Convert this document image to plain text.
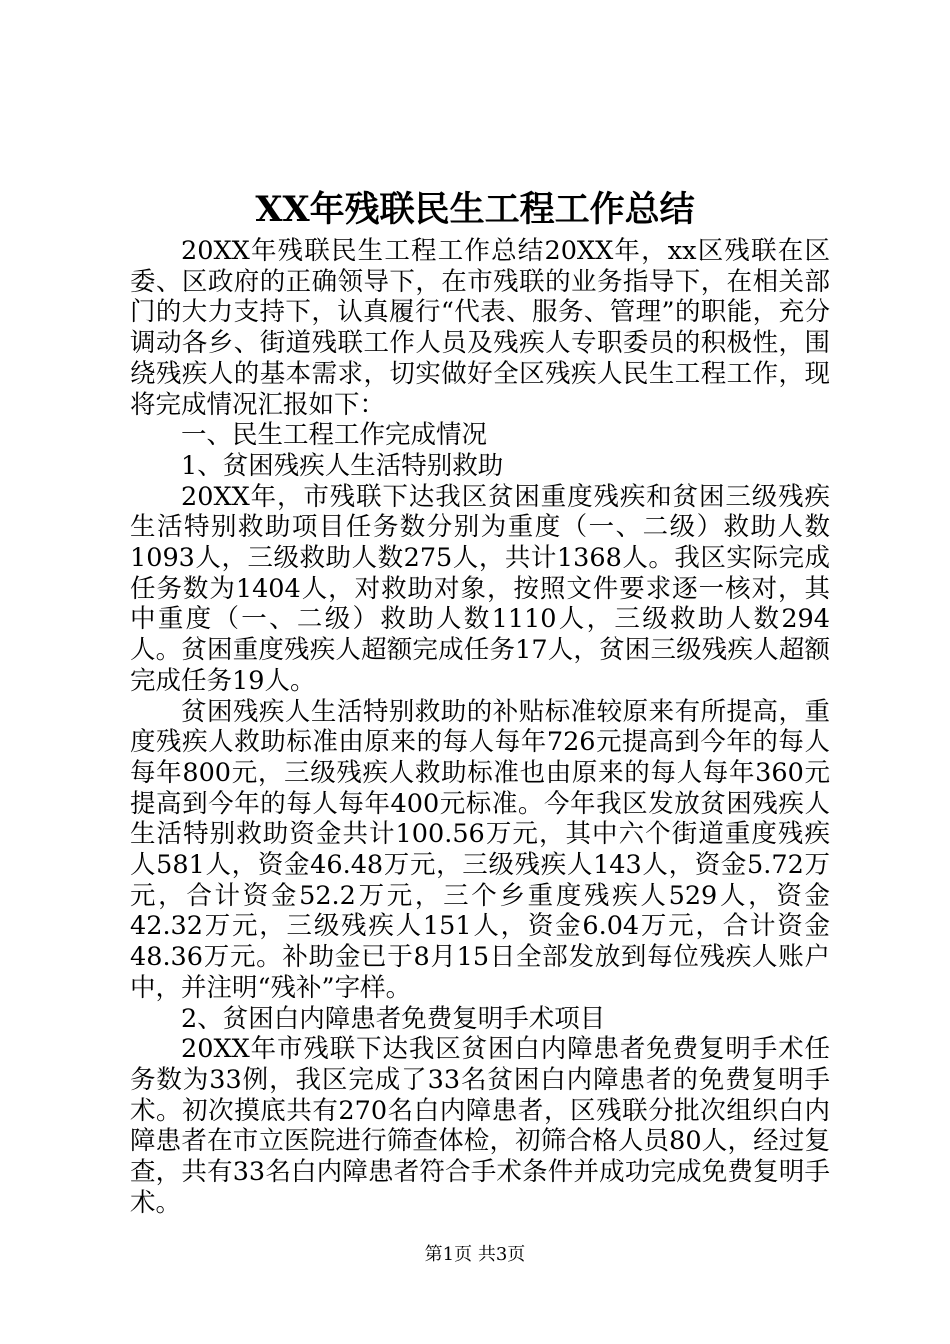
XX年残联民生工程工作总结

20XX年残联民生工程工作总结20XX年，xx区残联在区委、区政府的正确领导下，在市残联的业务指导下，在相关部门的大力支持下，认真履行“代表、服务、管理”的职能，充分调动各乡、街道残联工作人员及残疾人专职委员的积极性，围绕残疾人的基本需求，切实做好全区残疾人民生工程工作，现将完成情况汇报如下：

一、民生工程工作完成情况

1、贫困残疾人生活特别救助

20XX年，市残联下达我区贫困重度残疾和贫困三级残疾生活特别救助项目任务数分别为重度（一、二级）救助人数1093人，三级救助人数275人，共计1368人。我区实际完成任务数为1404人，对救助对象，按照文件要求逐一核对，其中重度（一、二级）救助人数1110人，三级救助人数294人。贫困重度残疾人超额完成任务17人，贫困三级残疾人超额完成任务19人。

贫困残疾人生活特别救助的补贴标准较原来有所提高，重度残疾人救助标准由原来的每人每年726元提高到今年的每人每年800元，三级残疾人救助标准也由原来的每人每年360元提高到今年的每人每年400元标准。今年我区发放贫困残疾人生活特别救助资金共计100.56万元，其中六个街道重度残疾人581人，资金46.48万元，三级残疾人143人，资金5.72万元，合计资金52.2万元，三个乡重度残疾人529人，资金42.32万元，三级残疾人151人，资金6.04万元，合计资金48.36万元。补助金已于8月15日全部发放到每位残疾人账户中，并注明“残补”字样。

2、贫困白内障患者免费复明手术项目

20XX年市残联下达我区贫困白内障患者免费复明手术任务数为33例，我区完成了33名贫困白内障患者的免费复明手术。初次摸底共有270名白内障患者，区残联分批次组织白内障患者在市立医院进行筛查体检，初筛合格人员80人，经过复查，共有33名白内障患者符合手术条件并成功完成免费复明手术。

第1页 共3页
